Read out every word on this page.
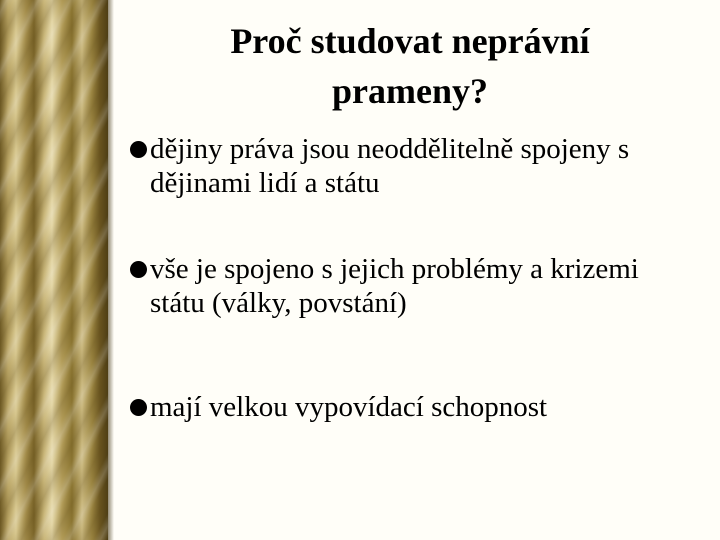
Proč studovat neprávní
prameny?
dějiny práva jsou neoddělitelně spojeny s dějinami lidí a státu
vše je spojeno s jejich problémy a krizemi státu (války, povstání)
mají velkou vypovídací schopnost
